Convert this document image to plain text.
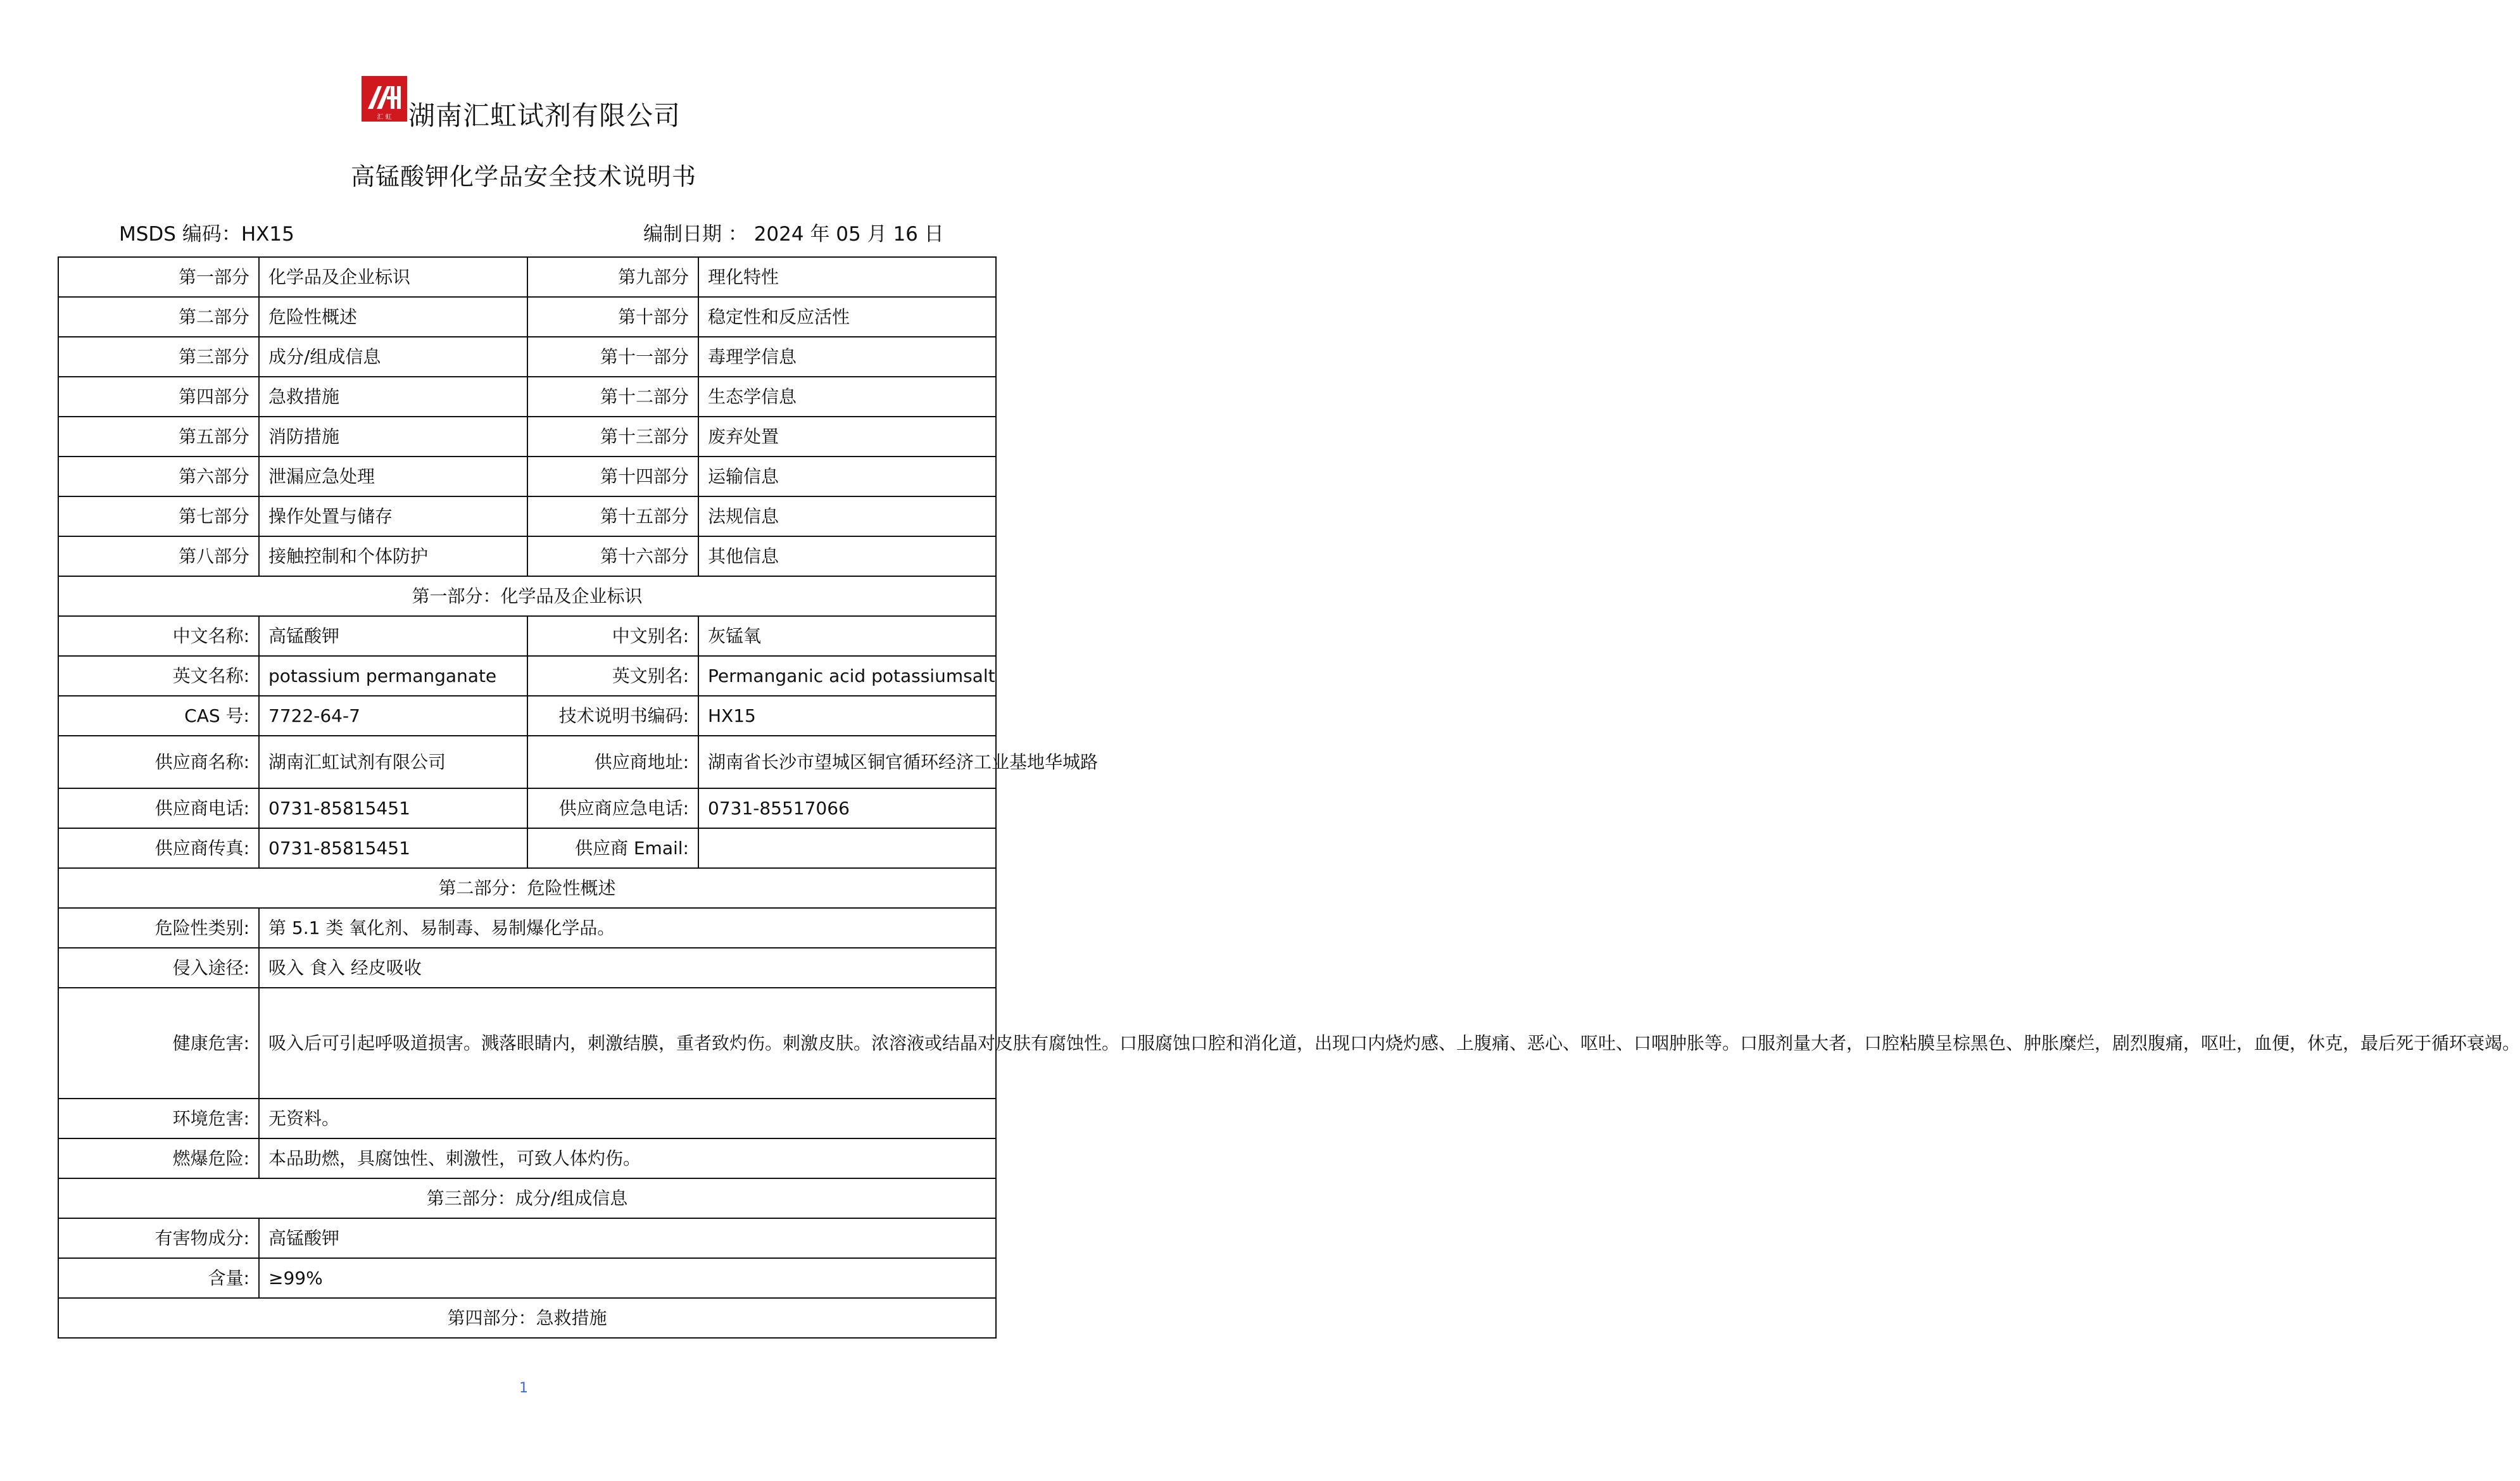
汇 虹 湖南汇虹试剂有限公司
高锰酸钾化学品安全技术说明书
MSDS 编码：HX15	编制日期 ： 2024 年 05 月 16 日
第一部分	化学品及企业标识	第九部分	理化特性
第二部分	危险性概述	第十部分	稳定性和反应活性
第三部分	成分/组成信息	第十一部分	毒理学信息
第四部分	急救措施	第十二部分	生态学信息
第五部分	消防措施	第十三部分	废弃处置
第六部分	泄漏应急处理	第十四部分	运输信息
第七部分	操作处置与储存	第十五部分	法规信息
第八部分	接触控制和个体防护	第十六部分	其他信息
第一部分：化学品及企业标识			
中文名称:	高锰酸钾	中文别名:	灰锰氧
英文名称:	potassium permanganate	英文别名:	Permanganic acid potassiumsalt
CAS 号:	7722-64-7	技术说明书编码:	HX15
供应商名称:	湖南汇虹试剂有限公司	供应商地址:	湖南省长沙市望城区铜官循环经济工业基地华城路
供应商电话:	0731-85815451	供应商应急电话:	0731-85517066
供应商传真:	0731-85815451	供应商 Email:	
第二部分：危险性概述			
危险性类别:	第 5.1 类 氧化剂、易制毒、易制爆化学品。		
侵入途径:	吸入 食入 经皮吸收		
健康危害:	吸入后可引起呼吸道损害。溅落眼睛内，刺激结膜，重者致灼伤。刺激皮肤。浓溶液或结晶对皮肤有腐蚀性。口服腐蚀口腔和消化道，出现口内烧灼感、上腹痛、恶心、呕吐、口咽肿胀等。口服剂量大者，口腔粘膜呈棕黑色、肿胀糜烂，剧烈腹痛，呕吐，血便，休克，最后死于循环衰竭。		
环境危害:	无资料。		
燃爆危险:	本品助燃，具腐蚀性、刺激性，可致人体灼伤。		
第三部分：成分/组成信息			
有害物成分:	高锰酸钾		
含量:	≥99%		
第四部分：急救措施			
1
